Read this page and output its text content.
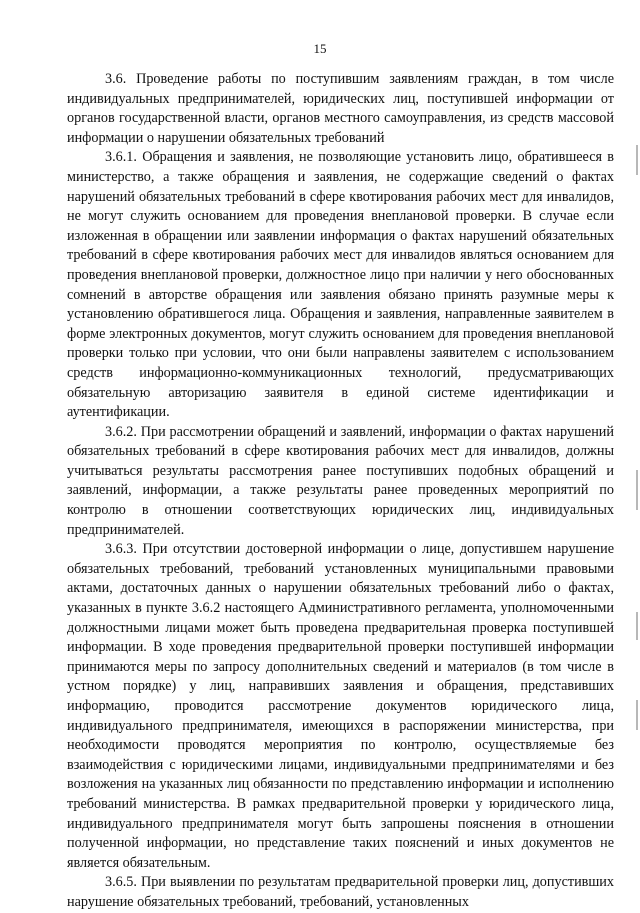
15

3.6. Проведение работы по поступившим заявлениям граждан, в том числе индивидуальных предпринимателей, юридических лиц, поступившей информации от органов государственной власти, органов местного самоуправления, из средств массовой информации о нарушении обязательных требований

3.6.1. Обращения и заявления, не позволяющие установить лицо, обратившееся в министерство, а также обращения и заявления, не содержащие сведений о фактах нарушений обязательных требований в сфере квотирования рабочих мест для инвалидов, не могут служить основанием для проведения внеплановой проверки. В случае если изложенная в обращении или заявлении информация о фактах нарушений обязательных требований в сфере квотирования рабочих мест для инвалидов являться основанием для проведения внеплановой проверки, должностное лицо при наличии у него обоснованных сомнений в авторстве обращения или заявления обязано принять разумные меры к установлению обратившегося лица. Обращения и заявления, направленные заявителем в форме электронных документов, могут служить основанием для проведения внеплановой проверки только при условии, что они были направлены заявителем с использованием средств информационно-коммуникационных технологий, предусматривающих обязательную авторизацию заявителя в единой системе идентификации и аутентификации.

3.6.2. При рассмотрении обращений и заявлений, информации о фактах нарушений обязательных требований в сфере квотирования рабочих мест для инвалидов, должны учитываться результаты рассмотрения ранее поступивших подобных обращений и заявлений, информации, а также результаты ранее проведенных мероприятий по контролю в отношении соответствующих юридических лиц, индивидуальных предпринимателей.

3.6.3. При отсутствии достоверной информации о лице, допустившем нарушение обязательных требований, требований установленных муниципальными правовыми актами, достаточных данных о нарушении обязательных требований либо о фактах, указанных в пункте 3.6.2 настоящего Административного регламента, уполномоченными должностными лицами может быть проведена предварительная проверка поступившей информации. В ходе проведения предварительной проверки поступившей информации принимаются меры по запросу дополнительных сведений и материалов (в том числе в устном порядке) у лиц, направивших заявления и обращения, представивших информацию, проводится рассмотрение документов юридического лица, индивидуального предпринимателя, имеющихся в распоряжении министерства, при необходимости проводятся мероприятия по контролю, осуществляемые без взаимодействия с юридическими лицами, индивидуальными предпринимателями и без возложения на указанных лиц обязанности по представлению информации и исполнению требований министерства. В рамках предварительной проверки у юридического лица, индивидуального предпринимателя могут быть запрошены пояснения в отношении полученной информации, но представление таких пояснений и иных документов не является обязательным.

3.6.5. При выявлении по результатам предварительной проверки лиц, допустивших нарушение обязательных требований, требований, установленных
